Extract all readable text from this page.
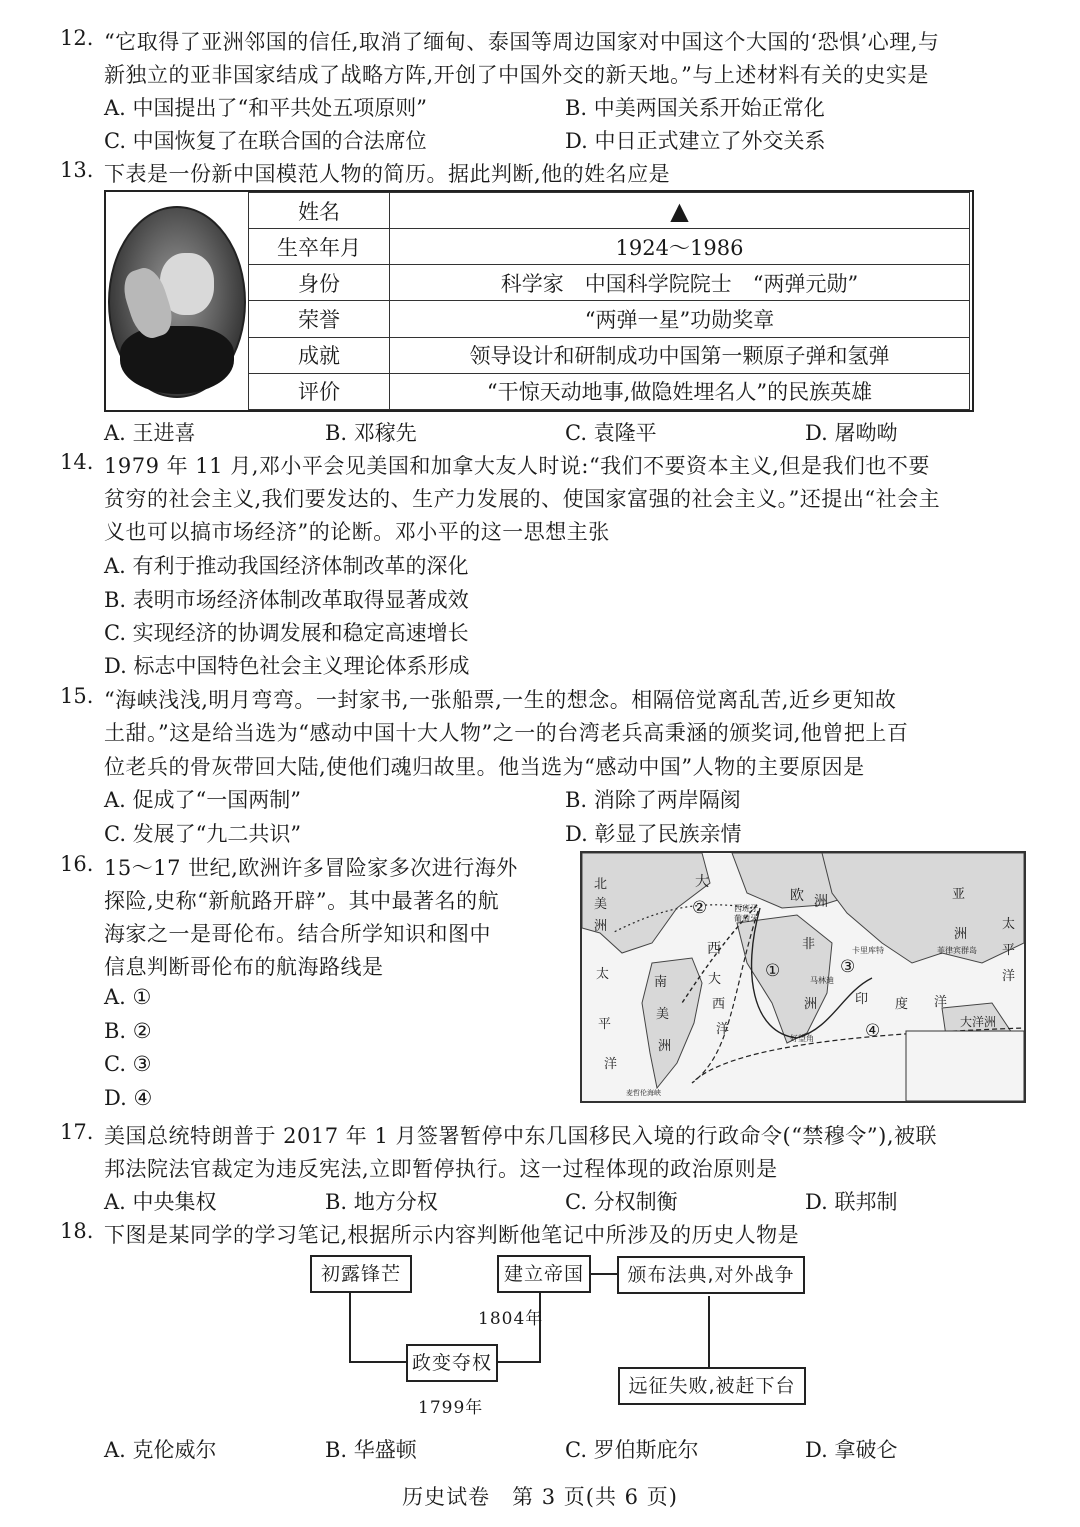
12. “它取得了亚洲邻国的信任,取消了缅甸、泰国等周边国家对中国这个大国的‘恐惧’心理,与
新独立的亚非国家结成了战略方阵,开创了中国外交的新天地。”与上述材料有关的史实是
A. 中国提出了“和平共处五项原则”	B. 中美两国关系开始正常化
C. 中国恢复了在联合国的合法席位	D. 中日正式建立了外交关系
13. 下表是一份新中国模范人物的简历。据此判断,他的姓名应是
姓名	▲
生卒年月	1924～1986
身份	科学家　中国科学院院士　“两弹元勋”
荣誉	“两弹一星”功勋奖章
成就	领导设计和研制成功中国第一颗原子弹和氢弹
评价	“干惊天动地事,做隐姓埋名人”的民族英雄
A. 王进喜	B. 邓稼先	C. 袁隆平	D. 屠呦呦
14. 1979 年 11 月,邓小平会见美国和加拿大友人时说:“我们不要资本主义,但是我们也不要
贫穷的社会主义,我们要发达的、生产力发展的、使国家富强的社会主义。”还提出“社会主
义也可以搞市场经济”的论断。邓小平的这一思想主张
A. 有利于推动我国经济体制改革的深化
B. 表明市场经济体制改革取得显著成效
C. 实现经济的协调发展和稳定高速增长
D. 标志中国特色社会主义理论体系形成
15. “海峡浅浅,明月弯弯。一封家书,一张船票,一生的想念。相隔倍觉离乱苦,近乡更知故
土甜。”这是给当选为“感动中国十大人物”之一的台湾老兵高秉涵的颁奖词,他曾把上百
位老兵的骨灰带回大陆,使他们魂归故里。他当选为“感动中国”人物的主要原因是
A. 促成了“一国两制”	B. 消除了两岸隔阂
C. 发展了“九二共识”	D. 彰显了民族亲情
16. 15～17 世纪,欧洲许多冒险家多次进行海外
探险,史称“新航路开辟”。其中最著名的航
海家之一是哥伦布。结合所学知识和图中
信息判断哥伦布的航海路线是
A. ①
B. ②
C. ③
D. ④
北
美
洲
大
欧 洲
西
太
平
洋
南
美
洲
大
西
洋
非
洲	印 度 洋
亚
洲
太
平
洋
大洋洲
西班牙
葡萄牙
卡里库特
马林迪
好望角
菲律宾群岛
麦哲伦海峡
①
②
③
④
17. 美国总统特朗普于 2017 年 1 月签署暂停中东几国移民入境的行政命令(“禁穆令”),被联
邦法院法官裁定为违反宪法,立即暂停执行。这一过程体现的政治原则是
A. 中央集权	B. 地方分权	C. 分权制衡	D. 联邦制
18. 下图是某同学的学习笔记,根据所示内容判断他笔记中所涉及的历史人物是
初露锋芒
政变夺权
1799年
建立帝国
1804年
颁布法典,对外战争
远征失败,被赶下台
A. 克伦威尔	B. 华盛顿	C. 罗伯斯庇尔	D. 拿破仑
历史试卷　第 3 页(共 6 页)
